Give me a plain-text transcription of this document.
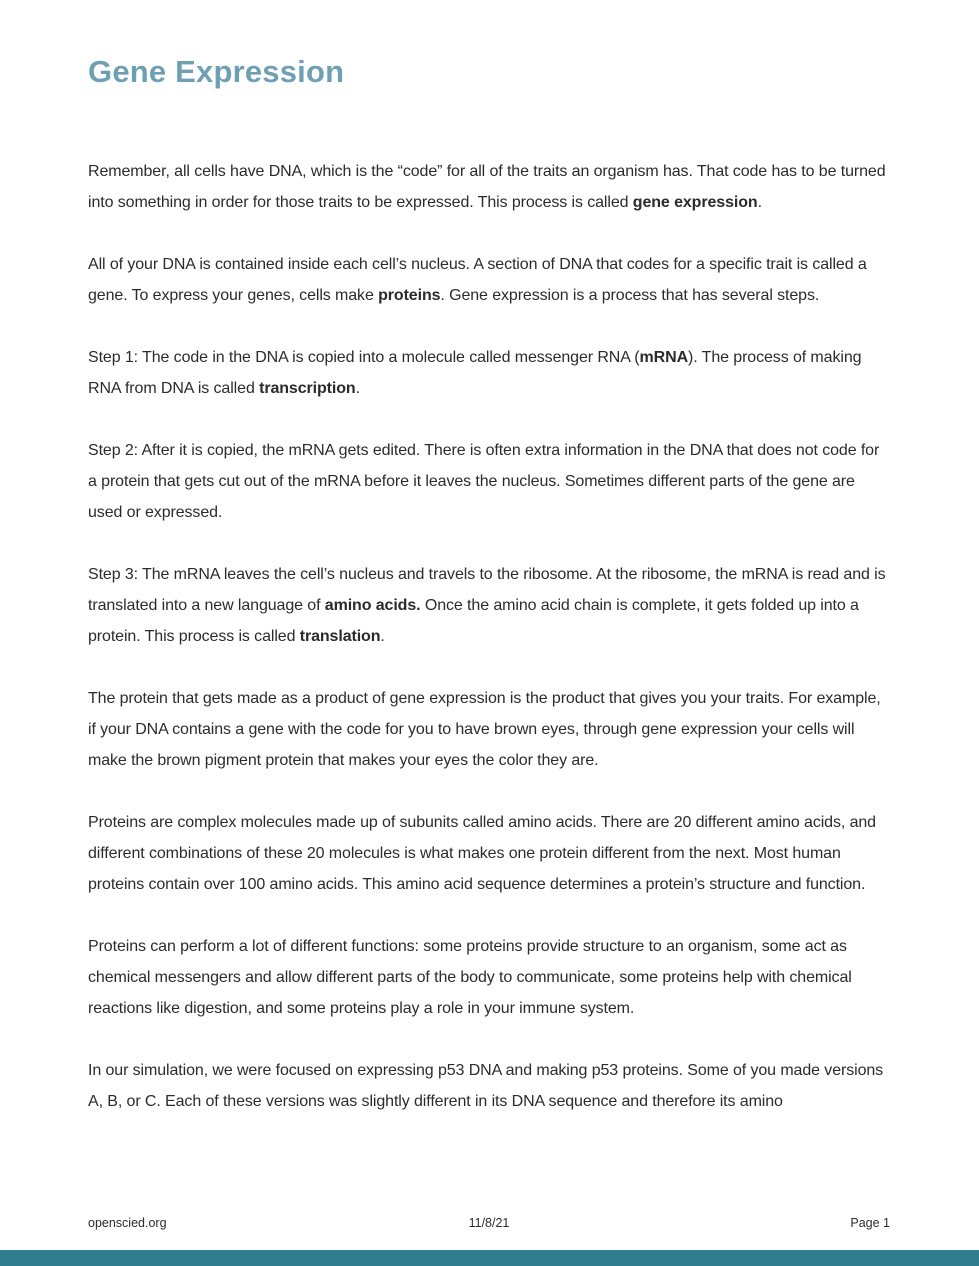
Gene Expression

Remember, all cells have DNA, which is the “code” for all of the traits an organism has. That code has to be turned into something in order for those traits to be expressed. This process is called gene expression.

All of your DNA is contained inside each cell’s nucleus. A section of DNA that codes for a specific trait is called a gene. To express your genes, cells make proteins. Gene expression is a process that has several steps.

Step 1: The code in the DNA is copied into a molecule called messenger RNA (mRNA). The process of making RNA from DNA is called transcription.

Step 2: After it is copied, the mRNA gets edited. There is often extra information in the DNA that does not code for a protein that gets cut out of the mRNA before it leaves the nucleus. Sometimes different parts of the gene are used or expressed.

Step 3: The mRNA leaves the cell’s nucleus and travels to the ribosome. At the ribosome, the mRNA is read and is translated into a new language of amino acids. Once the amino acid chain is complete, it gets folded up into a protein. This process is called translation.

The protein that gets made as a product of gene expression is the product that gives you your traits. For example, if your DNA contains a gene with the code for you to have brown eyes, through gene expression your cells will make the brown pigment protein that makes your eyes the color they are.

Proteins are complex molecules made up of subunits called amino acids. There are 20 different amino acids, and different combinations of these 20 molecules is what makes one protein different from the next. Most human proteins contain over 100 amino acids. This amino acid sequence determines a protein’s structure and function.

Proteins can perform a lot of different functions: some proteins provide structure to an organism, some act as chemical messengers and allow different parts of the body to communicate, some proteins help with chemical reactions like digestion, and some proteins play a role in your immune system.

In our simulation, we were focused on expressing p53 DNA and making p53 proteins. Some of you made versions A, B, or C. Each of these versions was slightly different in its DNA sequence and therefore its amino

openscied.org	11/8/21	Page 1
